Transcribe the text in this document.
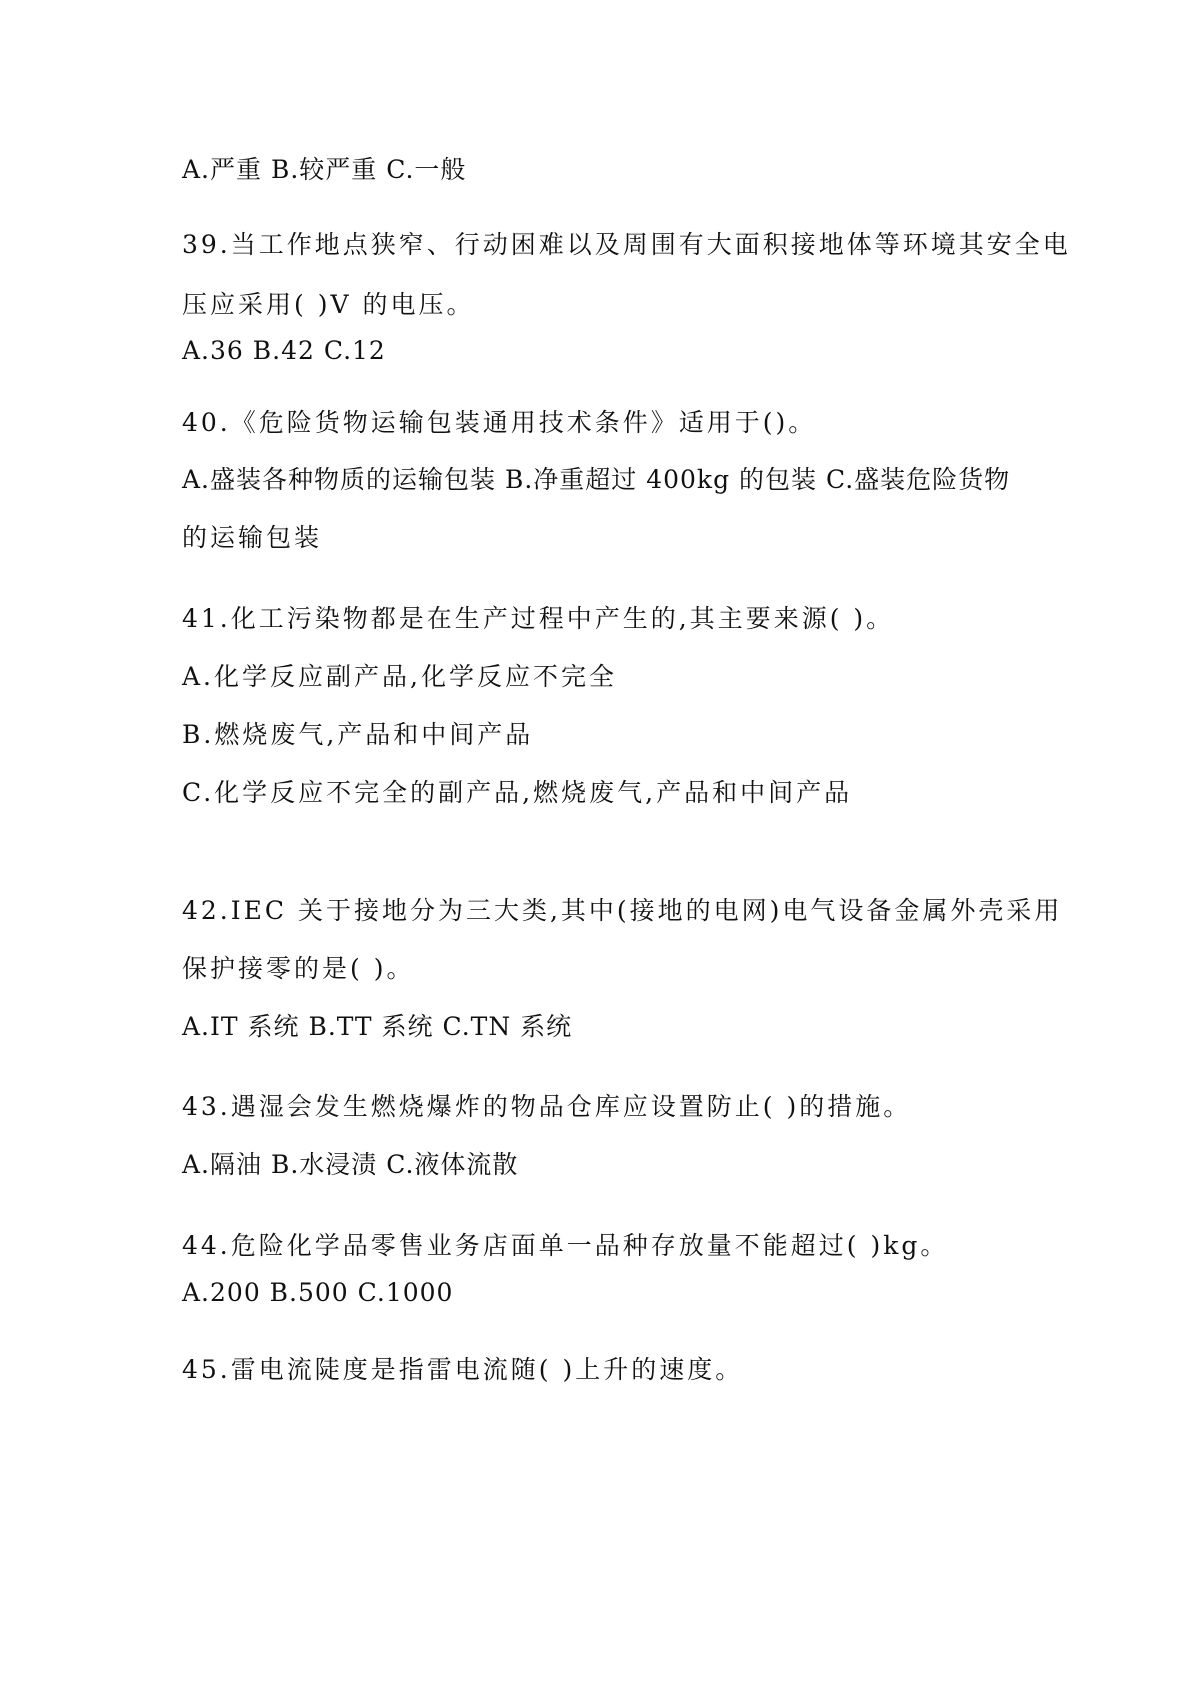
A.严重 B.较严重 C.一般
39.当工作地点狭窄、行动困难以及周围有大面积接地体等环境其安全电
压应采用( )V 的电压。
A.36 B.42 C.12
40.《危险货物运输包装通用技术条件》适用于()。
A.盛装各种物质的运输包装 B.净重超过 400kg 的包装 C.盛装危险货物
的运输包装
41.化工污染物都是在生产过程中产生的,其主要来源( )。
A.化学反应副产品,化学反应不完全
B.燃烧废气,产品和中间产品
C.化学反应不完全的副产品,燃烧废气,产品和中间产品
42.IEC 关于接地分为三大类,其中(接地的电网)电气设备金属外壳采用
保护接零的是( )。
A.IT 系统 B.TT 系统 C.TN 系统
43.遇湿会发生燃烧爆炸的物品仓库应设置防止( )的措施。
A.隔油 B.水浸渍 C.液体流散
44.危险化学品零售业务店面单一品种存放量不能超过( )kg。
A.200 B.500 C.1000
45.雷电流陡度是指雷电流随( )上升的速度。
